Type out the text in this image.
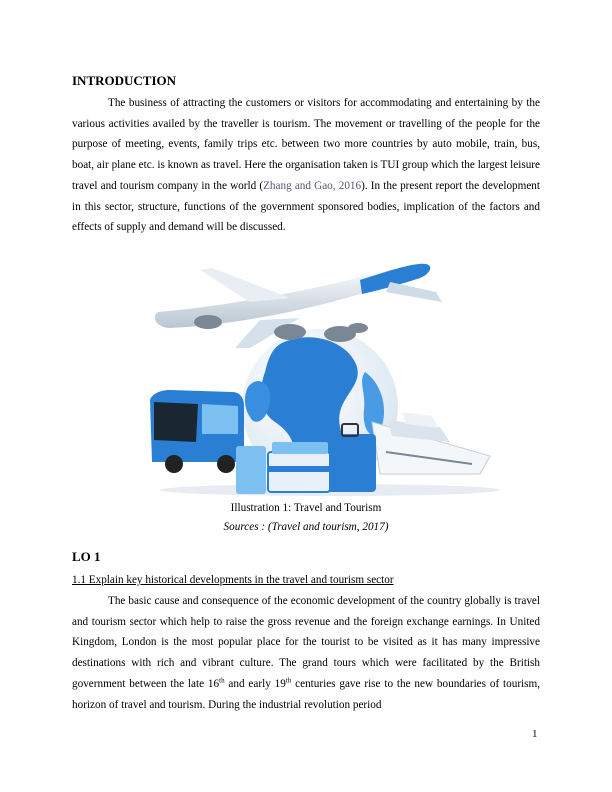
INTRODUCTION

The business of attracting the customers or visitors for accommodating and entertaining by the various activities availed by the traveller is tourism. The movement or travelling of the people for the purpose of meeting, events, family trips etc. between two more countries by auto mobile, train, bus, boat, air plane etc. is known as travel. Here the organisation taken is TUI group which the largest leisure travel and tourism company in the world (Zhang and Gao, 2016). In the present report the development in this sector, structure, functions of the government sponsored bodies, implication of the factors and effects of supply and demand will be discussed.

Illustration 1: Travel and Tourism
Sources : (Travel and tourism, 2017)
LO 1
1.1 Explain key historical developments in the travel and tourism sector

The basic cause and consequence of the economic development of the country globally is travel and tourism sector which help to raise the gross revenue and the foreign exchange earnings. In United Kingdom, London is the most popular place for the tourist to be visited as it has many impressive destinations with rich and vibrant culture. The grand tours which were facilitated by the British government between the late 16th and early 19th centuries gave rise to the new boundaries of tourism, horizon of travel and tourism. During the industrial revolution period

1
